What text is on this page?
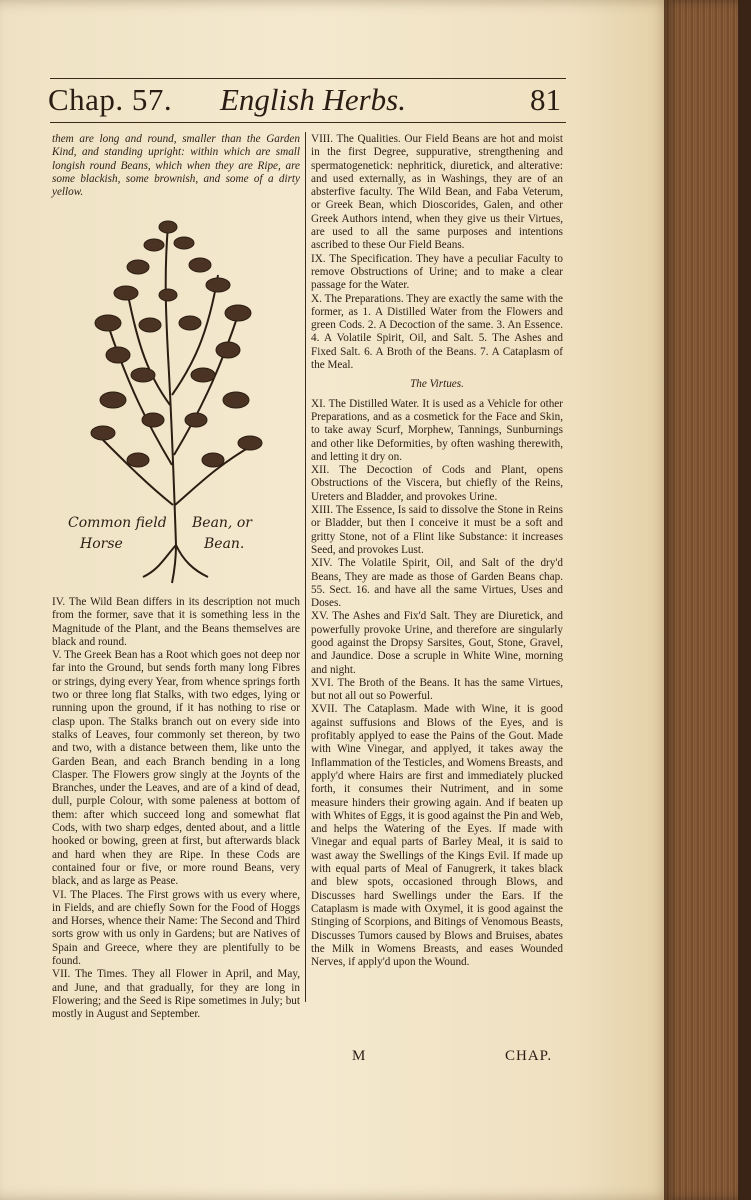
Chap. 57. English Herbs.	81
them are long and round, smaller than the Garden Kind, and standing upright: within which are small longish round Beans, which when they are Ripe, are some blackish, some brownish, and some of a dirty yellow.
Common field Bean, or
Horse	Bean.

IV. The Wild Bean differs in its description not much from the former, save that it is something less in the Magnitude of the Plant, and the Beans themselves are black and round.

V. The Greek Bean has a Root which goes not deep nor far into the Ground, but sends forth many long Fibres or strings, dying every Year, from whence springs forth two or three long flat Stalks, with two edges, lying or running upon the ground, if it has nothing to rise or clasp upon. The Stalks branch out on every side into stalks of Leaves, four commonly set thereon, by two and two, with a distance between them, like unto the Garden Bean, and each Branch bending in a long Clasper. The Flowers grow singly at the Joynts of the Branches, under the Leaves, and are of a kind of dead, dull, purple Colour, with some paleness at bottom of them: after which succeed long and somewhat flat Cods, with two sharp edges, dented about, and a little hooked or bowing, green at first, but afterwards black and hard when they are Ripe. In these Cods are contained four or five, or more round Beans, very black, and as large as Pease.

VI. The Places. The First grows with us every where, in Fields, and are chiefly Sown for the Food of Hoggs and Horses, whence their Name: The Second and Third sorts grow with us only in Gardens; but are Natives of Spain and Greece, where they are plentifully to be found.

VII. The Times. They all Flower in April, and May, and June, and that gradually, for they are long in Flowering; and the Seed is Ripe sometimes in July; but mostly in August and September.

VIII. The Qualities. Our Field Beans are hot and moist in the first Degree, suppurative, strengthening and spermatogenetick: nephritick, diuretick, and alterative: and used externally, as in Washings, they are of an absterfive faculty. The Wild Bean, and Faba Veterum, or Greek Bean, which Dioscorides, Galen, and other Greek Authors intend, when they give us their Virtues, are used to all the same purposes and intentions ascribed to these Our Field Beans.

IX. The Specification. They have a peculiar Faculty to remove Obstructions of Urine; and to make a clear passage for the Water.

X. The Preparations. They are exactly the same with the former, as 1. A Distilled Water from the Flowers and green Cods. 2. A Decoction of the same. 3. An Essence. 4. A Volatile Spirit, Oil, and Salt. 5. The Ashes and Fixed Salt. 6. A Broth of the Beans. 7. A Cataplasm of the Meal.

The Virtues.

XI. The Distilled Water. It is used as a Vehicle for other Preparations, and as a cosmetick for the Face and Skin, to take away Scurf, Morphew, Tannings, Sunburnings and other like Deformities, by often washing therewith, and letting it dry on.

XII. The Decoction of Cods and Plant, opens Obstructions of the Viscera, but chiefly of the Reins, Ureters and Bladder, and provokes Urine.

XIII. The Essence, Is said to dissolve the Stone in Reins or Bladder, but then I conceive it must be a soft and gritty Stone, not of a Flint like Substance: it increases Seed, and provokes Lust.

XIV. The Volatile Spirit, Oil, and Salt of the dry'd Beans, They are made as those of Garden Beans chap. 55. Sect. 16. and have all the same Virtues, Uses and Doses.

XV. The Ashes and Fix'd Salt. They are Diuretick, and powerfully provoke Urine, and therefore are singularly good against the Dropsy Sarsites, Gout, Stone, Gravel, and Jaundice. Dose a scruple in White Wine, morning and night.

XVI. The Broth of the Beans. It has the same Virtues, but not all out so Powerful.

XVII. The Cataplasm. Made with Wine, it is good against suffusions and Blows of the Eyes, and is profitably applyed to ease the Pains of the Gout. Made with Wine Vinegar, and applyed, it takes away the Inflammation of the Testicles, and Womens Breasts, and apply'd where Hairs are first and immediately plucked forth, it consumes their Nutriment, and in some measure hinders their growing again. And if beaten up with Whites of Eggs, it is good against the Pin and Web, and helps the Watering of the Eyes. If made with Vinegar and equal parts of Barley Meal, it is said to wast away the Swellings of the Kings Evil. If made up with equal parts of Meal of Fanugrerk, it takes black and blew spots, occasioned through Blows, and Discusses hard Swellings under the Ears. If the Cataplasm is made with Oxymel, it is good against the Stinging of Scorpions, and Bitings of Venomous Beasts, Discusses Tumors caused by Blows and Bruises, abates the Milk in Womens Breasts, and eases Wounded Nerves, if apply'd upon the Wound.

M	CHAP.
